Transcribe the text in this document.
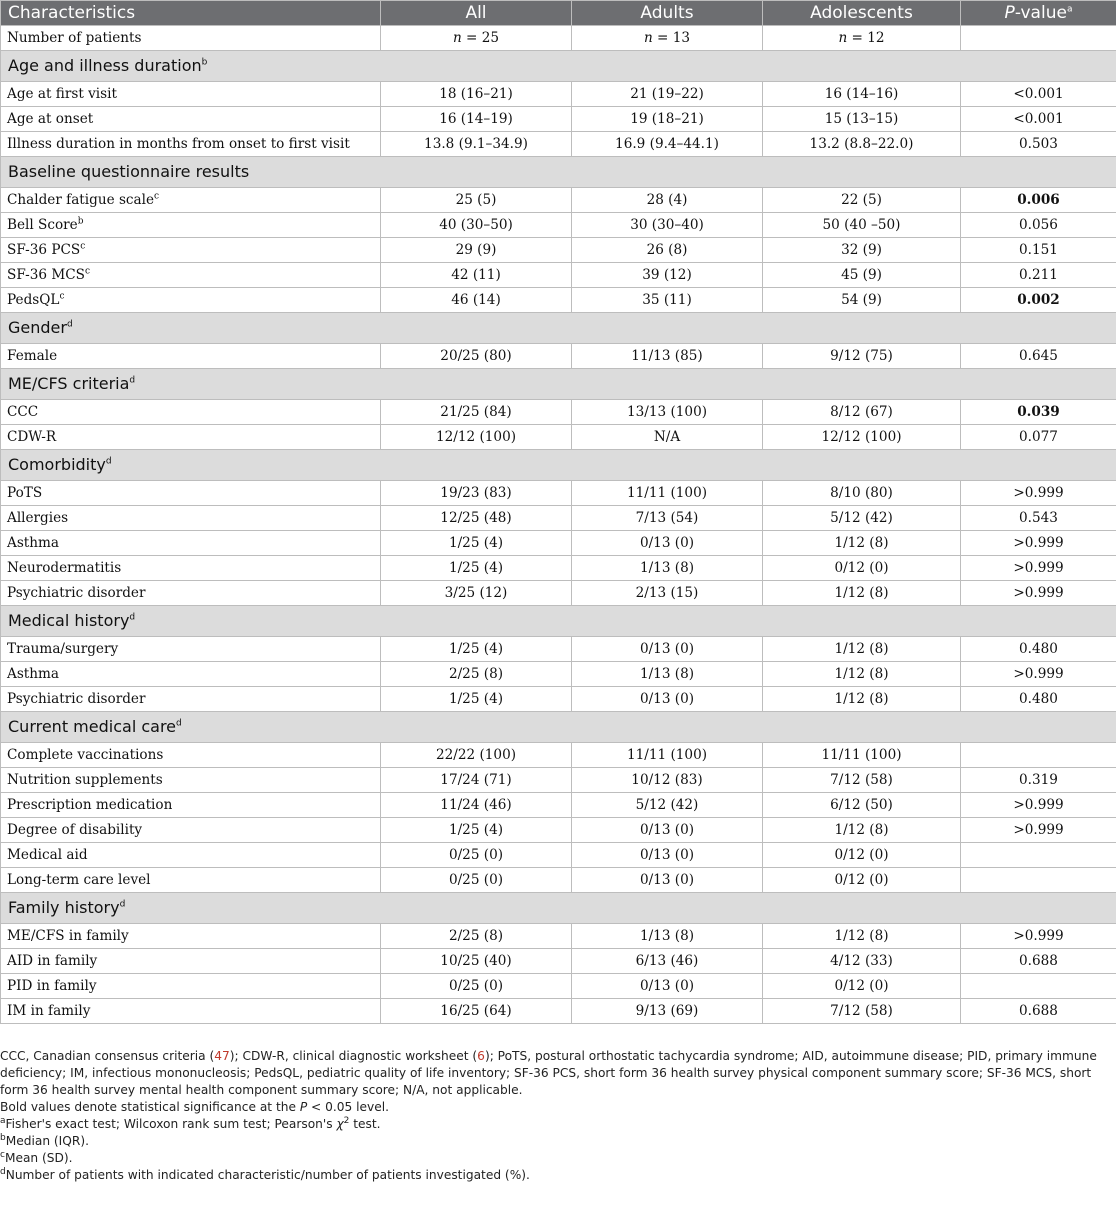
Characteristics	All	Adults	Adolescents	P-value$^a$
Number of patients	n = 25	n = 13	n = 12	
Age and illness duration$^b$
Age at first visit	18 (16–21)	21 (19–22)	16 (14–16)	<0.001
Age at onset	16 (14–19)	19 (18–21)	15 (13–15)	<0.001
Illness duration in months from onset to first visit	13.8 (9.1–34.9)	16.9 (9.4–44.1)	13.2 (8.8–22.0)	0.503
Baseline questionnaire results				
Chalder fatigue scale$^c$	25 (5)	28 (4)	22 (5)	0.006
Bell Score$^b$	40 (30–50)	30 (30–40)	50 (40 –50)	0.056
SF-36 PCS$^c$	29 (9)	26 (8)	32 (9)	0.151
SF-36 MCS$^c$	42 (11)	39 (12)	45 (9)	0.211
PedsQL$^c$	46 (14)	35 (11)	54 (9)	0.002
Gender$^d$
Female	20/25 (80)	11/13 (85)	9/12 (75)	0.645
ME/CFS criteria$^d$
CCC	21/25 (84)	13/13 (100)	8/12 (67)	0.039
CDW-R	12/12 (100)	N/A	12/12 (100)	0.077
Comorbidity$^d$
PoTS	19/23 (83)	11/11 (100)	8/10 (80)	>0.999
Allergies	12/25 (48)	7/13 (54)	5/12 (42)	0.543
Asthma	1/25 (4)	0/13 (0)	1/12 (8)	>0.999
Neurodermatitis	1/25 (4)	1/13 (8)	0/12 (0)	>0.999
Psychiatric disorder	3/25 (12)	2/13 (15)	1/12 (8)	>0.999
Medical history$^d$
Trauma/surgery	1/25 (4)	0/13 (0)	1/12 (8)	0.480
Asthma	2/25 (8)	1/13 (8)	1/12 (8)	>0.999
Psychiatric disorder	1/25 (4)	0/13 (0)	1/12 (8)	0.480
Current medical care$^d$
Complete vaccinations	22/22 (100)	11/11 (100)	11/11 (100)	
Nutrition supplements	17/24 (71)	10/12 (83)	7/12 (58)	0.319
Prescription medication	11/24 (46)	5/12 (42)	6/12 (50)	>0.999
Degree of disability	1/25 (4)	0/13 (0)	1/12 (8)	>0.999
Medical aid	0/25 (0)	0/13 (0)	0/12 (0)	
Long-term care level	0/25 (0)	0/13 (0)	0/12 (0)	
Family history$^d$
ME/CFS in family	2/25 (8)	1/13 (8)	1/12 (8)	>0.999
AID in family	10/25 (40)	6/13 (46)	4/12 (33)	0.688
PID in family	0/25 (0)	0/13 (0)	0/12 (0)	
IM in family	16/25 (64)	9/13 (69)	7/12 (58)	0.688

CCC, Canadian consensus criteria (47); CDW-R, clinical diagnostic worksheet (6); PoTS, postural orthostatic tachycardia syndrome; AID, autoimmune disease; PID, primary immune deficiency; IM, infectious mononucleosis; PedsQL, pediatric quality of life inventory; SF-36 PCS, short form 36 health survey physical component summary score; SF-36 MCS, short form 36 health survey mental health component summary score; N/A, not applicable.

Bold values denote statistical significance at the P < 0.05 level.

$^a$Fisher's exact test; Wilcoxon rank sum test; Pearson's $\chi^2$ test.

$^b$Median (IQR).

$^c$Mean (SD).

$^d$Number of patients with indicated characteristic/number of patients investigated (%).
